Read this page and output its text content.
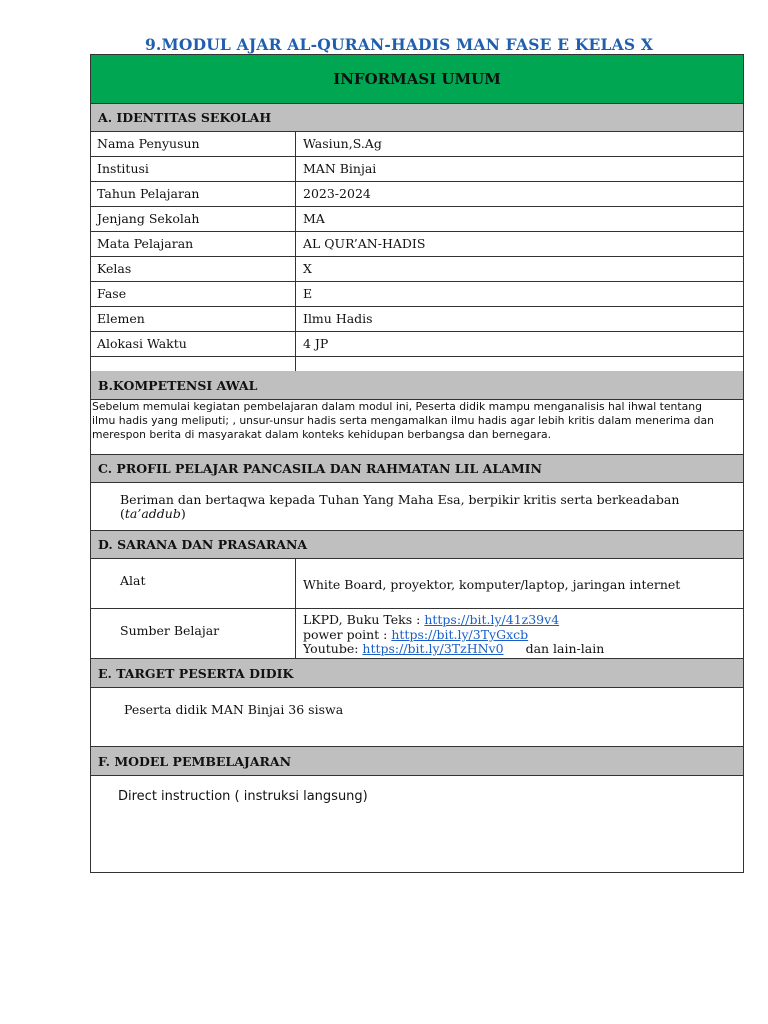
9.MODUL AJAR AL-QURAN-HADIS MAN FASE E KELAS X
INFORMASI UMUM
A. IDENTITAS SEKOLAH
Nama Penyusun	Wasiun,S.Ag
Institusi	MAN Binjai
Tahun Pelajaran	2023-2024
Jenjang Sekolah	MA
Mata Pelajaran	AL QUR’AN-HADIS
Kelas	X
Fase	E
Elemen	Ilmu Hadis
Alokasi Waktu	4 JP
B.KOMPETENSI AWAL
Sebelum memulai kegiatan pembelajaran dalam modul ini, Peserta didik mampu menganalisis hal ihwal tentang
ilmu hadis yang meliputi; , unsur-unsur hadis serta mengamalkan ilmu hadis agar lebih kritis dalam menerima dan
merespon berita di masyarakat dalam konteks kehidupan berbangsa dan bernegara.
C. PROFIL PELAJAR PANCASILA DAN RAHMATAN LIL ALAMIN
Beriman dan bertaqwa kepada Tuhan Yang Maha Esa, berpikir kritis serta berkeadaban
(ta’addub)
D. SARANA DAN PRASARANA
Alat	White Board, proyektor, komputer/laptop, jaringan internet
Sumber Belajar
LKPD, Buku Teks : https://bit.ly/41z39v4
power point : https://bit.ly/3TyGxcb
Youtube: https://bit.ly/3TzHNv0 dan lain-lain
E. TARGET PESERTA DIDIK
Peserta didik MAN Binjai 36 siswa
F. MODEL PEMBELAJARAN
Direct instruction ( instruksi langsung)
